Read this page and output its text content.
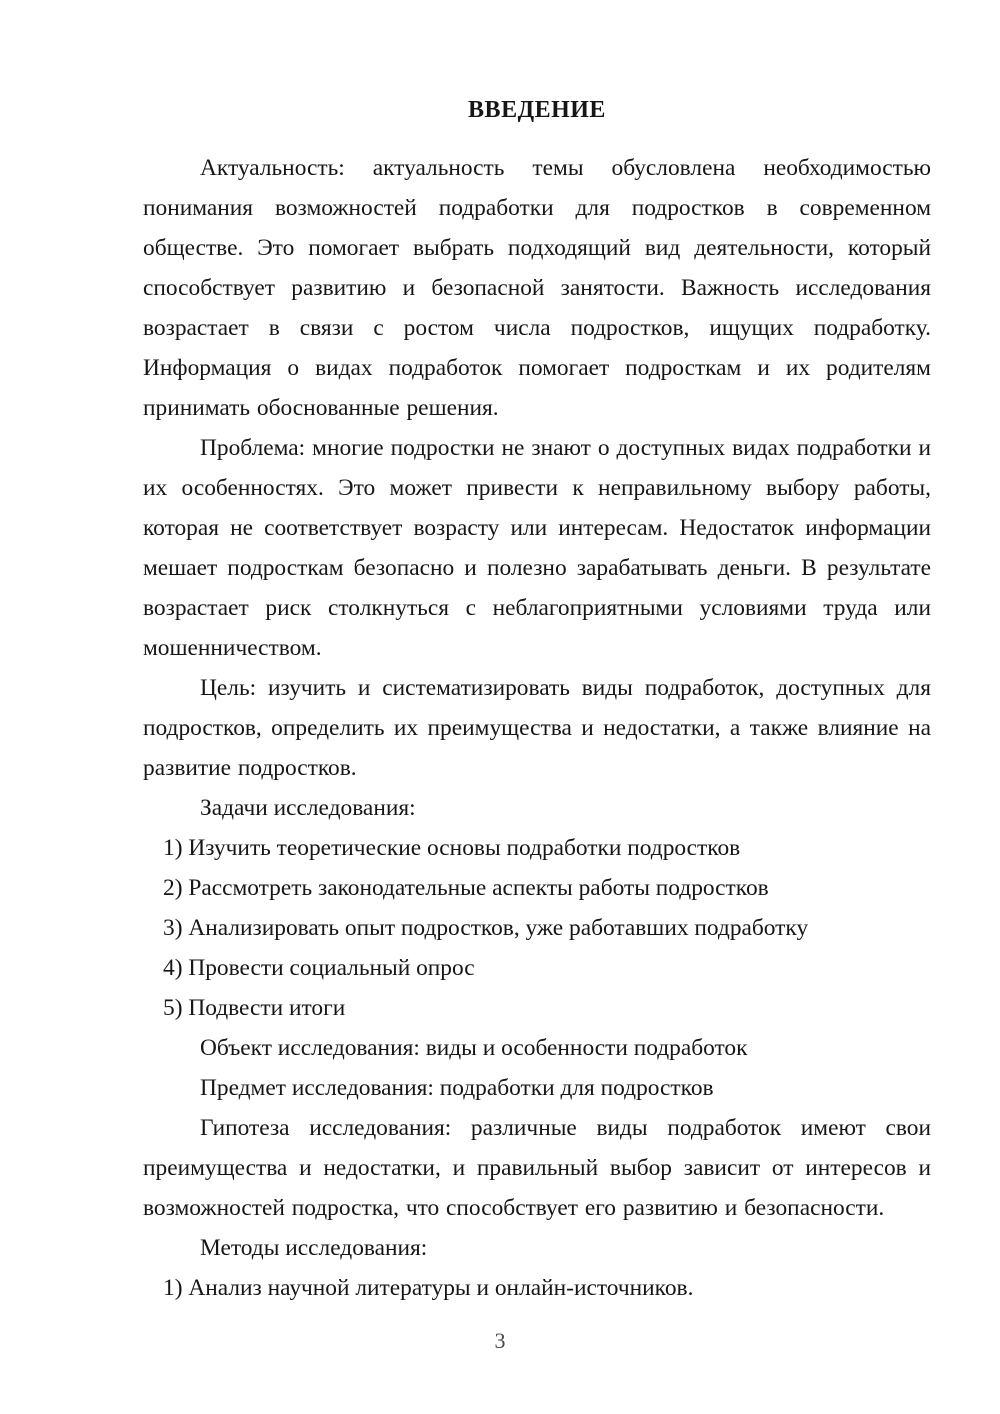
ВВЕДЕНИЕ

Актуальность: актуальность темы обусловлена необходимостью понимания возможностей подработки для подростков в современном обществе. Это помогает выбрать подходящий вид деятельности, который способствует развитию и безопасной занятости. Важность исследования возрастает в связи с ростом числа подростков, ищущих подработку. Информация о видах подработок помогает подросткам и их родителям принимать обоснованные решения.

Проблема: многие подростки не знают о доступных видах подработки и их особенностях. Это может привести к неправильному выбору работы, которая не соответствует возрасту или интересам. Недостаток информации мешает подросткам безопасно и полезно зарабатывать деньги. В результате возрастает риск столкнуться с неблагоприятными условиями труда или мошенничеством.

Цель: изучить и систематизировать виды подработок, доступных для подростков, определить их преимущества и недостатки, а также влияние на развитие подростков.

Задачи исследования:

1) Изучить теоретические основы подработки подростков

2) Рассмотреть законодательные аспекты работы подростков

3) Анализировать опыт подростков, уже работавших подработку

4) Провести социальный опрос

5) Подвести итоги

Объект исследования: виды и особенности подработок

Предмет исследования: подработки для подростков

Гипотеза исследования: различные виды подработок имеют свои преимущества и недостатки, и правильный выбор зависит от интересов и возможностей подростка, что способствует его развитию и безопасности.

Методы исследования:

1) Анализ научной литературы и онлайн-источников.

3
